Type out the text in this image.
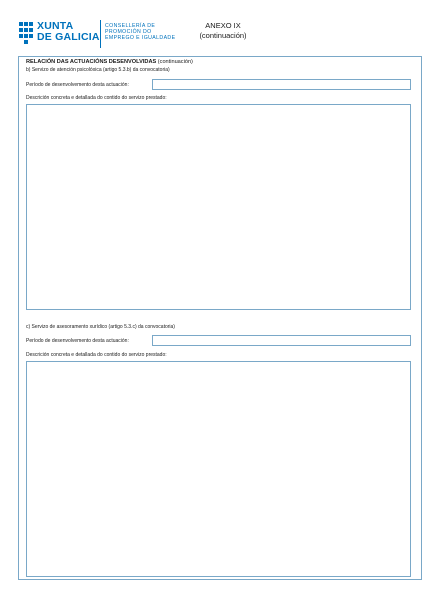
XUNTA
DE GALICIA
CONSELLERÍA DE
PROMOCIÓN DO
EMPREGO E IGUALDADE
ANEXO IX
(continuación)
RELACIÓN DAS ACTUACIÓNS DESENVOLVIDAS (continuación)
b) Servizo de atención psicolóxica (artigo 5.3.b) da convocatoria)
Período de desenvolvemento desta actuación:
Descrición concreta e detallada do contido do servizo prestado:
c) Servizo de asesoramento xurídico (artigo 5.3.c) da convocatoria)
Período de desenvolvemento desta actuación:
Descrición concreta e detallada do contido do servizo prestado:
